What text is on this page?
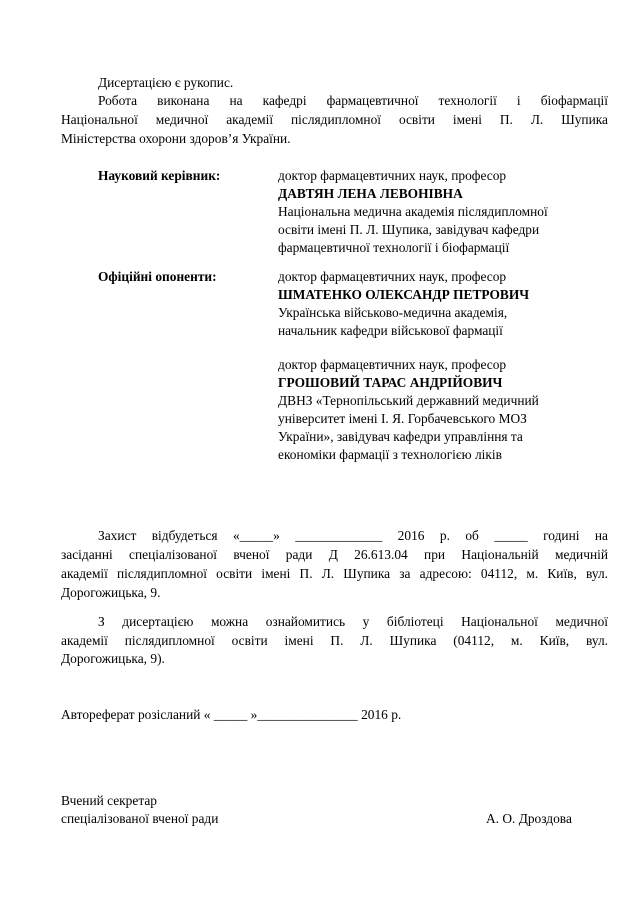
Дисертацією є рукопис.
Робота виконана на кафедрі фармацевтичної технології і біофармації
Національної медичної академії післядипломної освіти імені П. Л. Шупика
Міністерства охорони здоров’я України.
Науковий керівник:	доктор фармацевтичних наук, професор
ДАВТЯН ЛЕНА ЛЕВОНІВНА
Національна медична академія післядипломної
освіти імені П. Л. Шупика, завідувач кафедри
фармацевтичної технології і біофармації
Офіційні опоненти:	доктор фармацевтичних наук, професор
ШМАТЕНКО ОЛЕКСАНДР ПЕТРОВИЧ
Українська військово-медична академія,
начальник кафедри військової фармації
доктор фармацевтичних наук, професор
ГРОШОВИЙ ТАРАС АНДРІЙОВИЧ
ДВНЗ «Тернопільський державний медичний
університет імені І. Я. Горбачевського МОЗ
України», завідувач кафедри управління та
економіки фармації з технологією ліків
Захист відбудеться «_____» _____________ 2016 р. об _____ годині на
засіданні спеціалізованої вченої ради Д 26.613.04 при Національній медичній
академії післядипломної освіти імені П. Л. Шупика за адресою: 04112, м. Київ, вул.
Дорогожицька, 9.
З дисертацією можна ознайомитись у бібліотеці Національної медичної
академії післядипломної освіти імені П. Л. Шупика (04112, м. Київ, вул.
Дорогожицька, 9).
Автореферат розісланий « _____ »_______________ 2016 р.
Вчений секретар
спеціалізованої вченої ради	А. О. Дроздова
